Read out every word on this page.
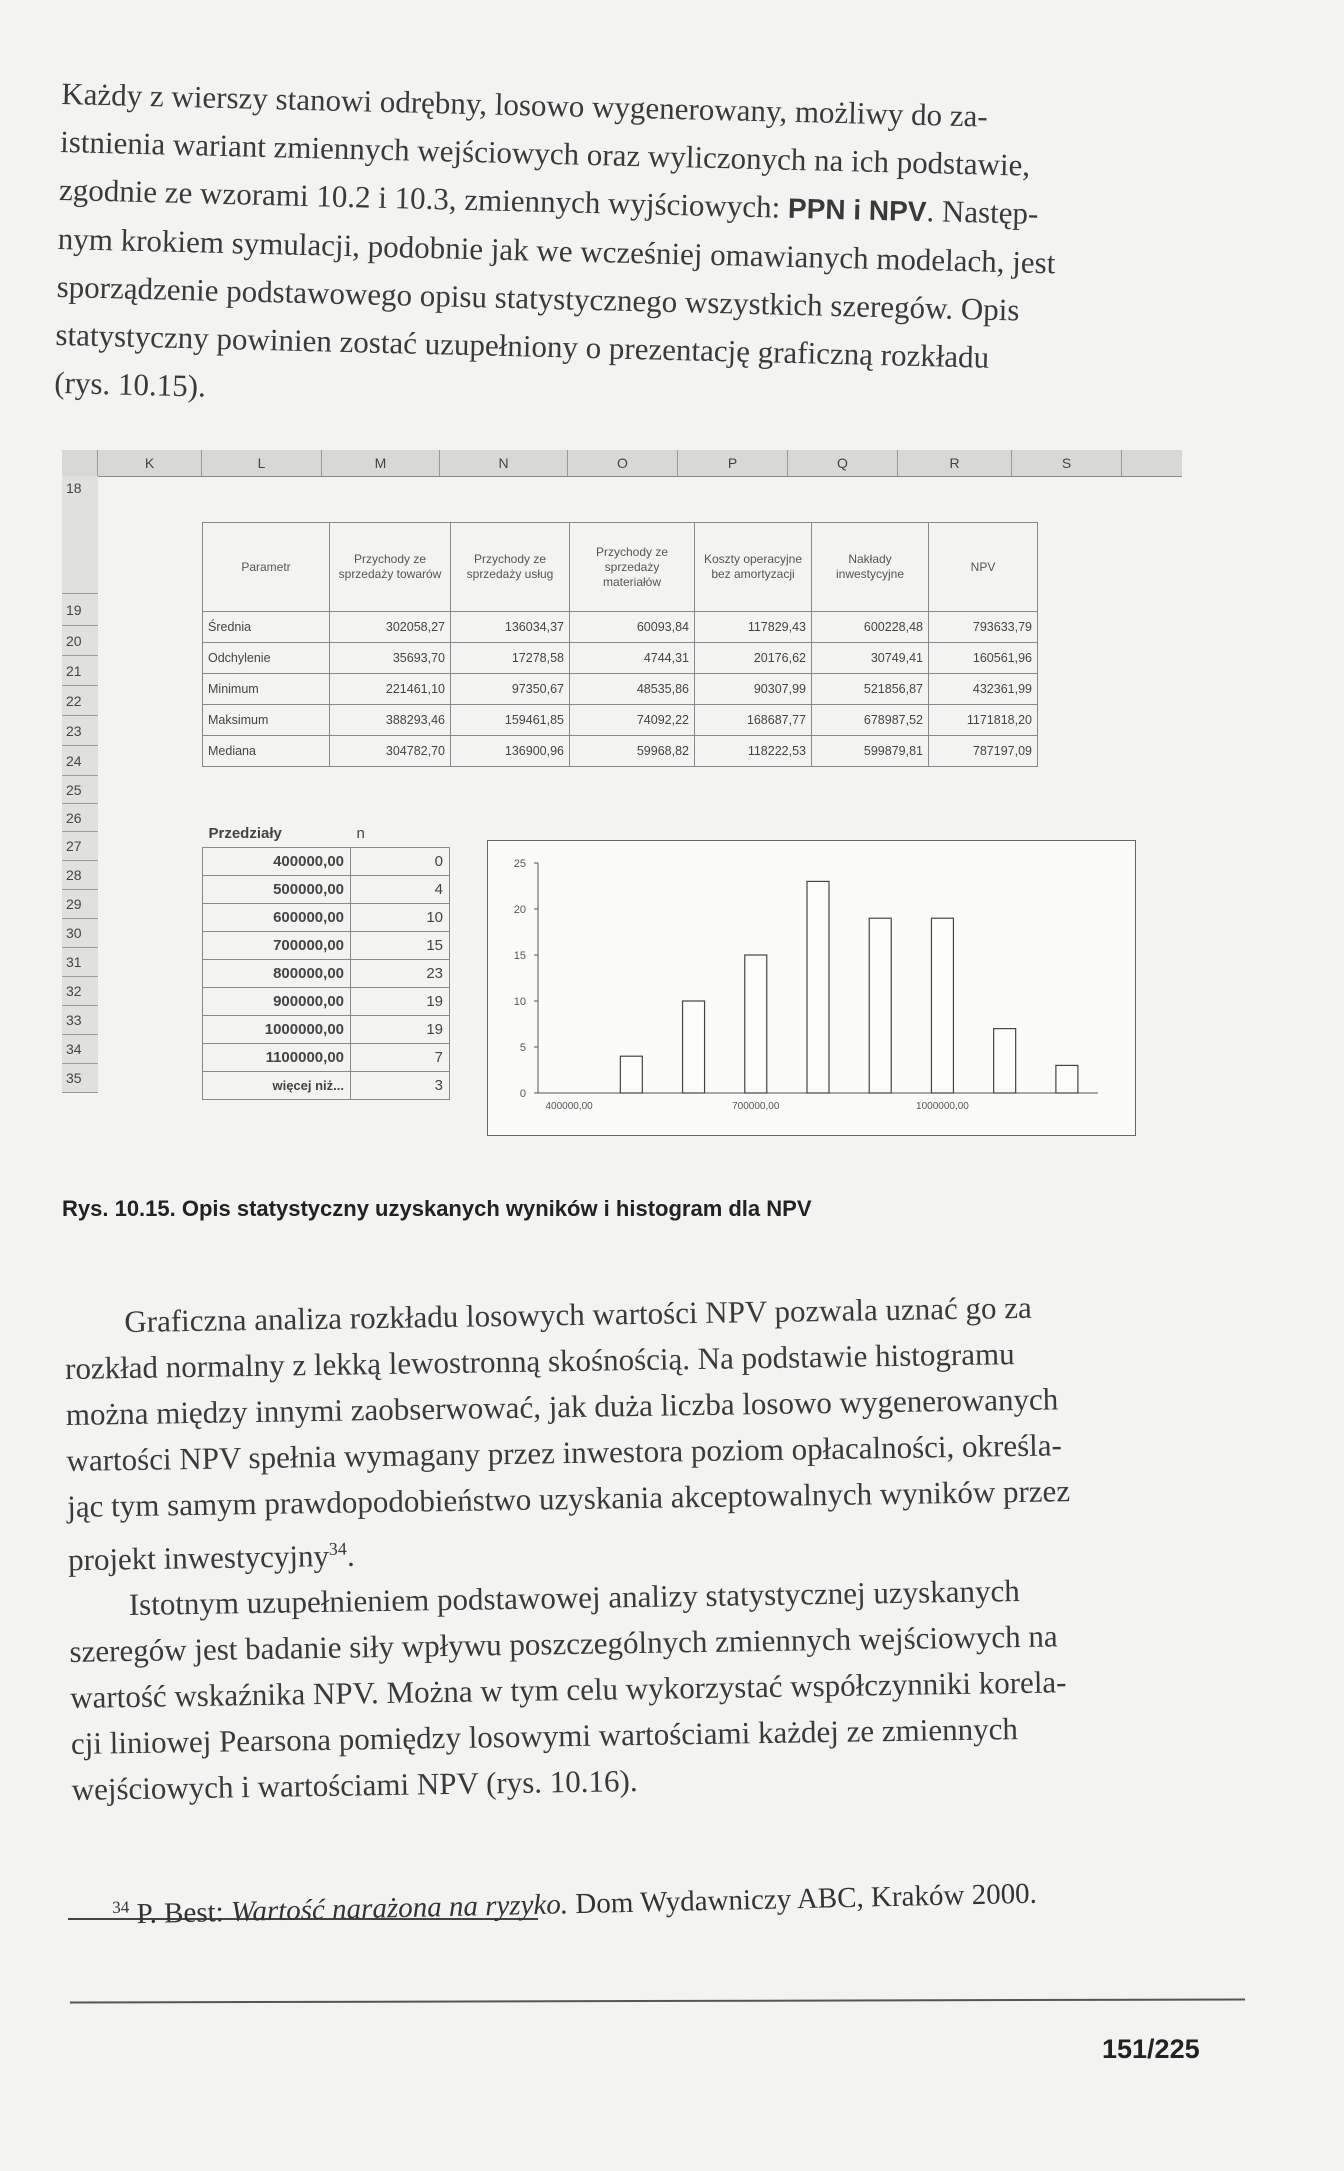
Każdy z wierszy stanowi odrębny, losowo wygenerowany, możliwy do za-
istnienia wariant zmiennych wejściowych oraz wyliczonych na ich podstawie,
zgodnie ze wzorami 10.2 i 10.3, zmiennych wyjściowych: PPN i NPV. Następ-
nym krokiem symulacji, podobnie jak we wcześniej omawianych modelach, jest
sporządzenie podstawowego opisu statystycznego wszystkich szeregów. Opis
statystyczny powinien zostać uzupełniony o prezentację graficzną rozkładu
(rys. 10.15).
K	L	M	N	O	P	Q	R	S
18
19
20
21
22
23
24
25
26
27
28
29
30
31
32
33
34
35
Parametr	Przychody ze sprzedaży towarów	Przychody ze sprzedaży usług	Przychody ze sprzedaży materiałów	Koszty operacyjne bez amortyzacji	Nakłady inwestycyjne	NPV
Średnia	302058,27	136034,37	60093,84	117829,43	600228,48	793633,79
Odchylenie	35693,70	17278,58	4744,31	20176,62	30749,41	160561,96
Minimum	221461,10	97350,67	48535,86	90307,99	521856,87	432361,99
Maksimum	388293,46	159461,85	74092,22	168687,77	678987,52	1171818,20
Mediana	304782,70	136900,96	59968,82	118222,53	599879,81	787197,09
Przedziały	n
400000,00	0
500000,00	4
600000,00	10
700000,00	15
800000,00	23
900000,00	19
1000000,00	19
1100000,00	7
więcej niż...	3	0
5
10
15
20
25
400000,00	700000,00	1000000,00
Rys. 10.15. Opis statystyczny uzyskanych wyników i histogram dla NPV
Graficzna analiza rozkładu losowych wartości NPV pozwala uznać go za
rozkład normalny z lekką lewostronną skośnością. Na podstawie histogramu
można między innymi zaobserwować, jak duża liczba losowo wygenerowanych
wartości NPV spełnia wymagany przez inwestora poziom opłacalności, określa-
jąc tym samym prawdopodobieństwo uzyskania akceptowalnych wyników przez
projekt inwestycyjny$^{34}$.
Istotnym uzupełnieniem podstawowej analizy statystycznej uzyskanych
szeregów jest badanie siły wpływu poszczególnych zmiennych wejściowych na
wartość wskaźnika NPV. Można w tym celu wykorzystać współczynniki korela-
cji liniowej Pearsona pomiędzy losowymi wartościami każdej ze zmiennych
wejściowych i wartościami NPV (rys. 10.16).
$^{34}$ P. Best: Wartość narażona na ryzyko. Dom Wydawniczy ABC, Kraków 2000.
151/225
